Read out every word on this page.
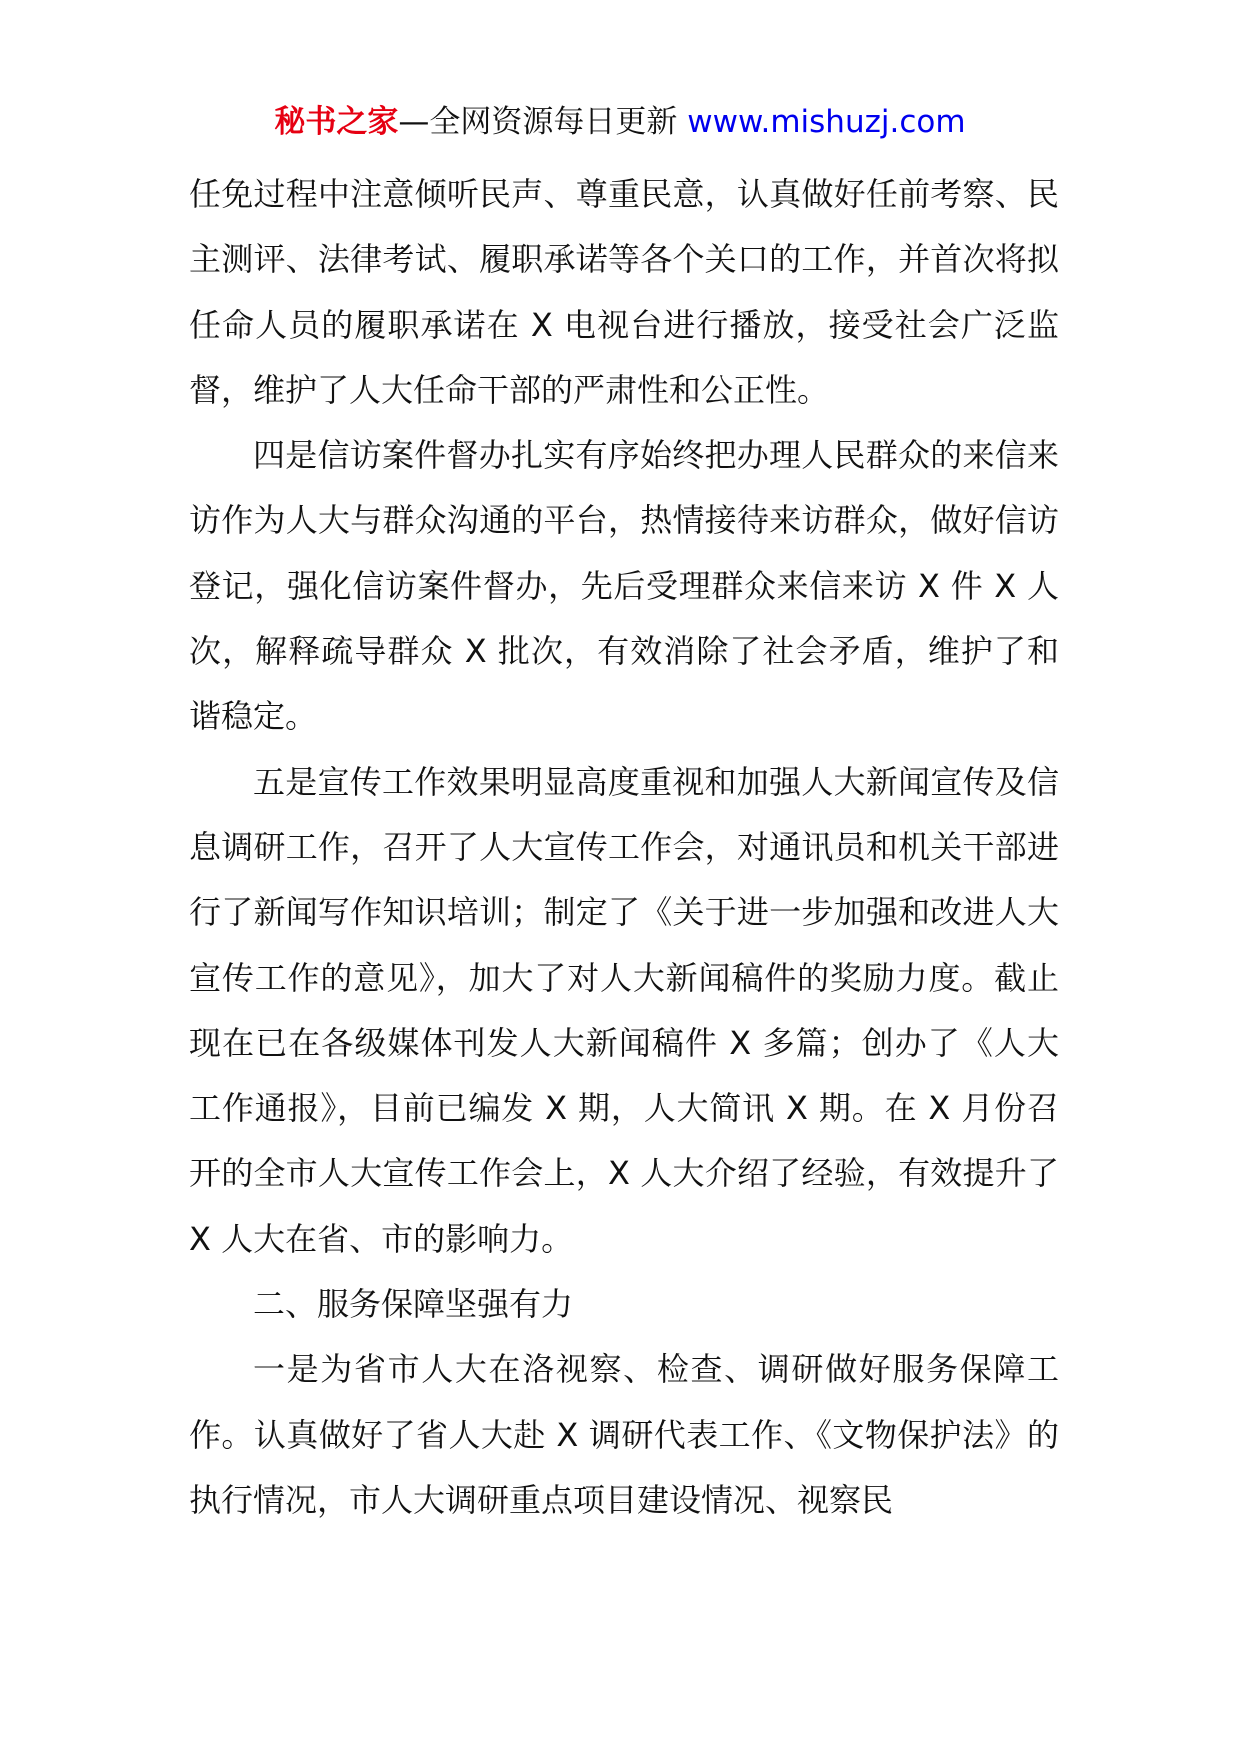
秘书之家—全网资源每日更新 www.mishuzj.com

任免过程中注意倾听民声、尊重民意，认真做好任前考察、民主测评、法律考试、履职承诺等各个关口的工作，并首次将拟任命人员的履职承诺在 X 电视台进行播放，接受社会广泛监督，维护了人大任命干部的严肃性和公正性。

四是信访案件督办扎实有序始终把办理人民群众的来信来访作为人大与群众沟通的平台，热情接待来访群众，做好信访登记，强化信访案件督办，先后受理群众来信来访 X 件 X 人次，解释疏导群众 X 批次，有效消除了社会矛盾，维护了和谐稳定。

五是宣传工作效果明显高度重视和加强人大新闻宣传及信息调研工作，召开了人大宣传工作会，对通讯员和机关干部进行了新闻写作知识培训；制定了《关于进一步加强和改进人大宣传工作的意见》，加大了对人大新闻稿件的奖励力度。截止现在已在各级媒体刊发人大新闻稿件 X 多篇；创办了《人大工作通报》，目前已编发 X 期，人大简讯 X 期。在 X 月份召开的全市人大宣传工作会上，X 人大介绍了经验，有效提升了 X 人大在省、市的影响力。

二、服务保障坚强有力

一是为省市人大在洛视察、检查、调研做好服务保障工作。认真做好了省人大赴 X 调研代表工作、《文物保护法》的执行情况，市人大调研重点项目建设情况、视察民
